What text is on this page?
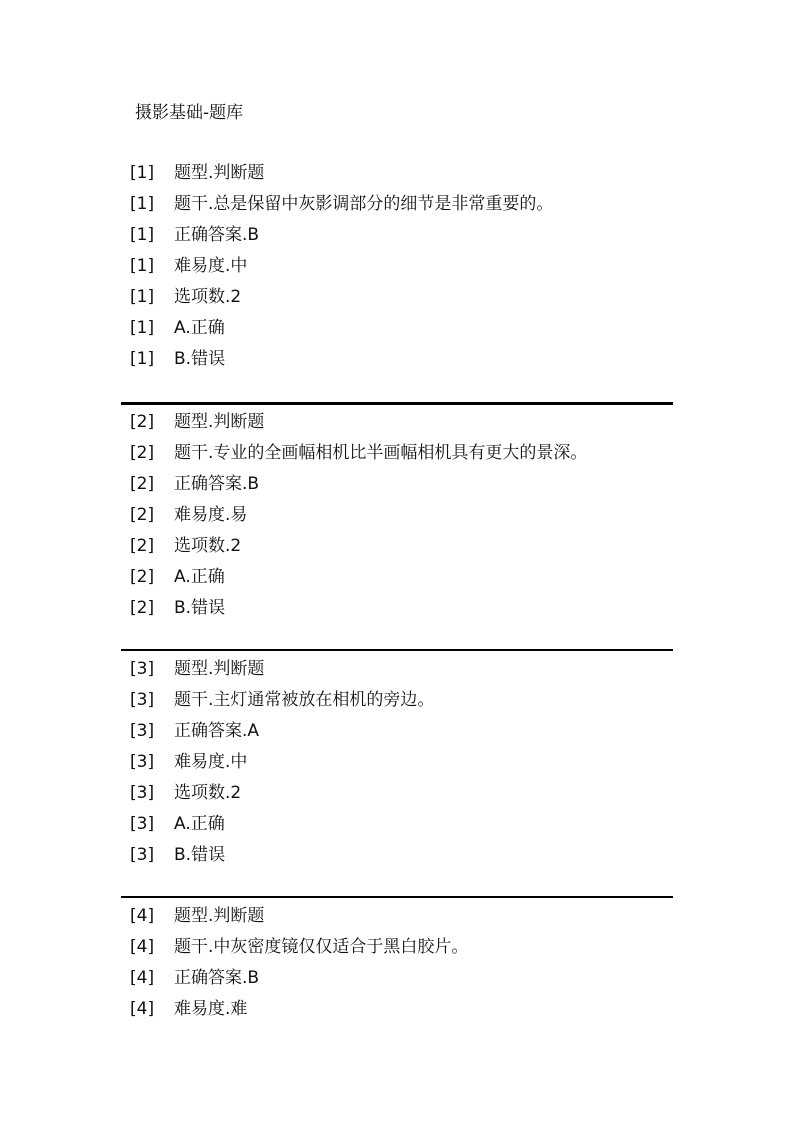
摄影基础-题库
[1] 题型.判断题
[1] 题干.总是保留中灰影调部分的细节是非常重要的。
[1] 正确答案.B
[1] 难易度.中
[1] 选项数.2
[1] A.正确
[1] B.错误
[2] 题型.判断题
[2] 题干.专业的全画幅相机比半画幅相机具有更大的景深。
[2] 正确答案.B
[2] 难易度.易
[2] 选项数.2
[2] A.正确
[2] B.错误
[3] 题型.判断题
[3] 题干.主灯通常被放在相机的旁边。
[3] 正确答案.A
[3] 难易度.中
[3] 选项数.2
[3] A.正确
[3] B.错误
[4] 题型.判断题
[4] 题干.中灰密度镜仅仅适合于黑白胶片。
[4] 正确答案.B
[4] 难易度.难
